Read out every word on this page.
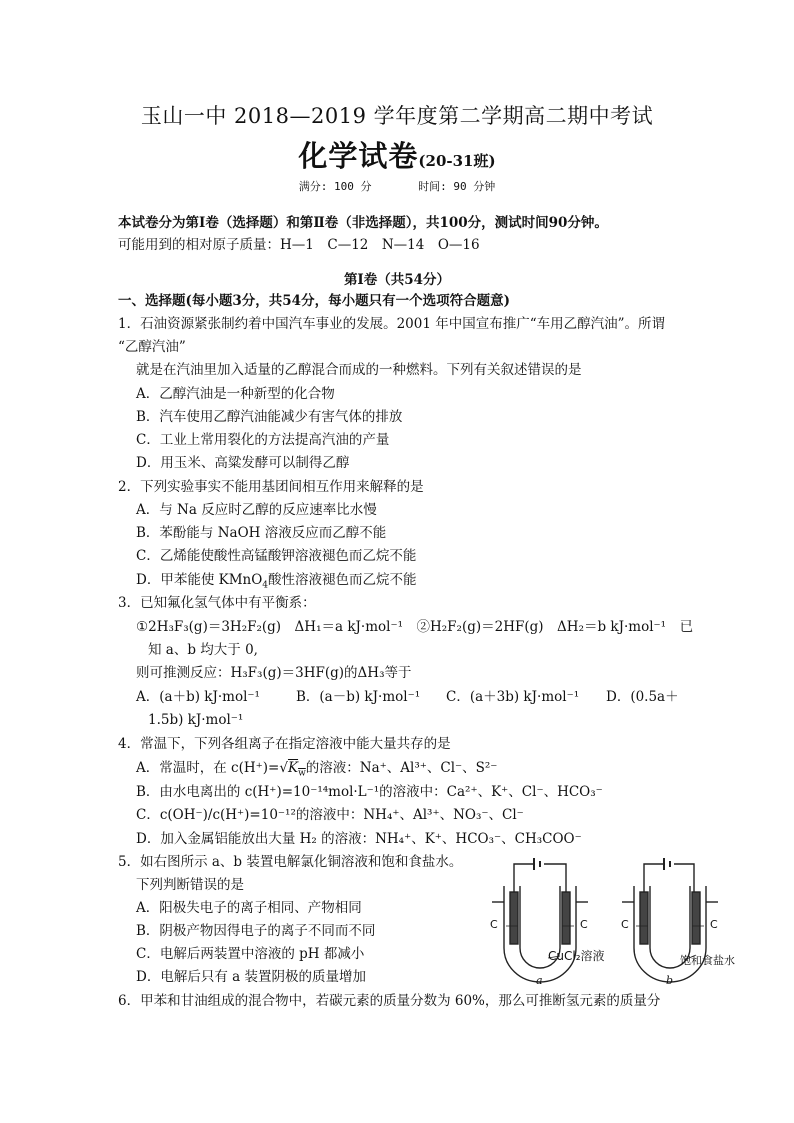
玉山一中 2018—2019 学年度第二学期高二期中考试
化学试卷(20-31班)
满分: 100 分	时间: 90 分钟
本试卷分为第Ⅰ卷（选择题）和第Ⅱ卷（非选择题），共100分，测试时间90分钟。
可能用到的相对原子质量：H—1　C—12　N—14　O—16
第Ⅰ卷（共54分）
一、选择题(每小题3分，共54分，每小题只有一个选项符合题意)
1．石油资源紧张制约着中国汽车事业的发展。2001 年中国宣布推广“车用乙醇汽油”。所谓
“乙醇汽油”
就是在汽油里加入适量的乙醇混合而成的一种燃料。下列有关叙述错误的是
A．乙醇汽油是一种新型的化合物
B．汽车使用乙醇汽油能减少有害气体的排放
C．工业上常用裂化的方法提高汽油的产量
D．用玉米、高粱发酵可以制得乙醇
2．下列实验事实不能用基团间相互作用来解释的是
A．与 Na 反应时乙醇的反应速率比水慢
B．苯酚能与 NaOH 溶液反应而乙醇不能
C．乙烯能使酸性高锰酸钾溶液褪色而乙烷不能
D．甲苯能使 KMnO$_4$酸性溶液褪色而乙烷不能
3．已知氟化氢气体中有平衡系：
①2H₃F₃(g)＝3H₂F₂(g)　ΔH₁＝a kJ·mol⁻¹　②H₂F₂(g)＝2HF(g)　ΔH₂＝b kJ·mol⁻¹　已
知 a、b 均大于 0,
则可推测反应：H₃F₃(g)＝3HF(g)的ΔH₃等于
A．(a＋b) kJ·mol⁻¹	B．(a－b) kJ·mol⁻¹ C．(a＋3b) kJ·mol⁻¹ D．(0.5a＋
1.5b) kJ·mol⁻¹
4．常温下，下列各组离子在指定溶液中能大量共存的是
A．常温时，在 $c(H^+)=√K_w$的溶液：Na⁺、Al³⁺、Cl⁻、S²⁻
B．由水电离出的 c(H⁺)=10⁻¹⁴mol·L⁻¹的溶液中：Ca²⁺、K⁺、Cl⁻、HCO₃⁻
C．c(OH⁻)/c(H⁺)=10⁻¹²的溶液中：NH₄⁺、Al³⁺、NO₃⁻、Cl⁻
D．加入金属铝能放出大量 H₂ 的溶液：NH₄⁺、K⁺、HCO₃⁻、CH₃COO⁻
5．如右图所示 a、b 装置电解氯化铜溶液和饱和食盐水。
下列判断错误的是
A．阳极失电子的离子相同、产物相同
B．阴极产物因得电子的离子不同而不同
C．电解后两装置中溶液的 pH 都减小
D．电解后只有 a 装置阴极的质量增加
C	C	C	C
CuCl₂溶液	饱和食盐水
a	b
6．甲苯和甘油组成的混合物中，若碳元素的质量分数为 60%，那么可推断氢元素的质量分
